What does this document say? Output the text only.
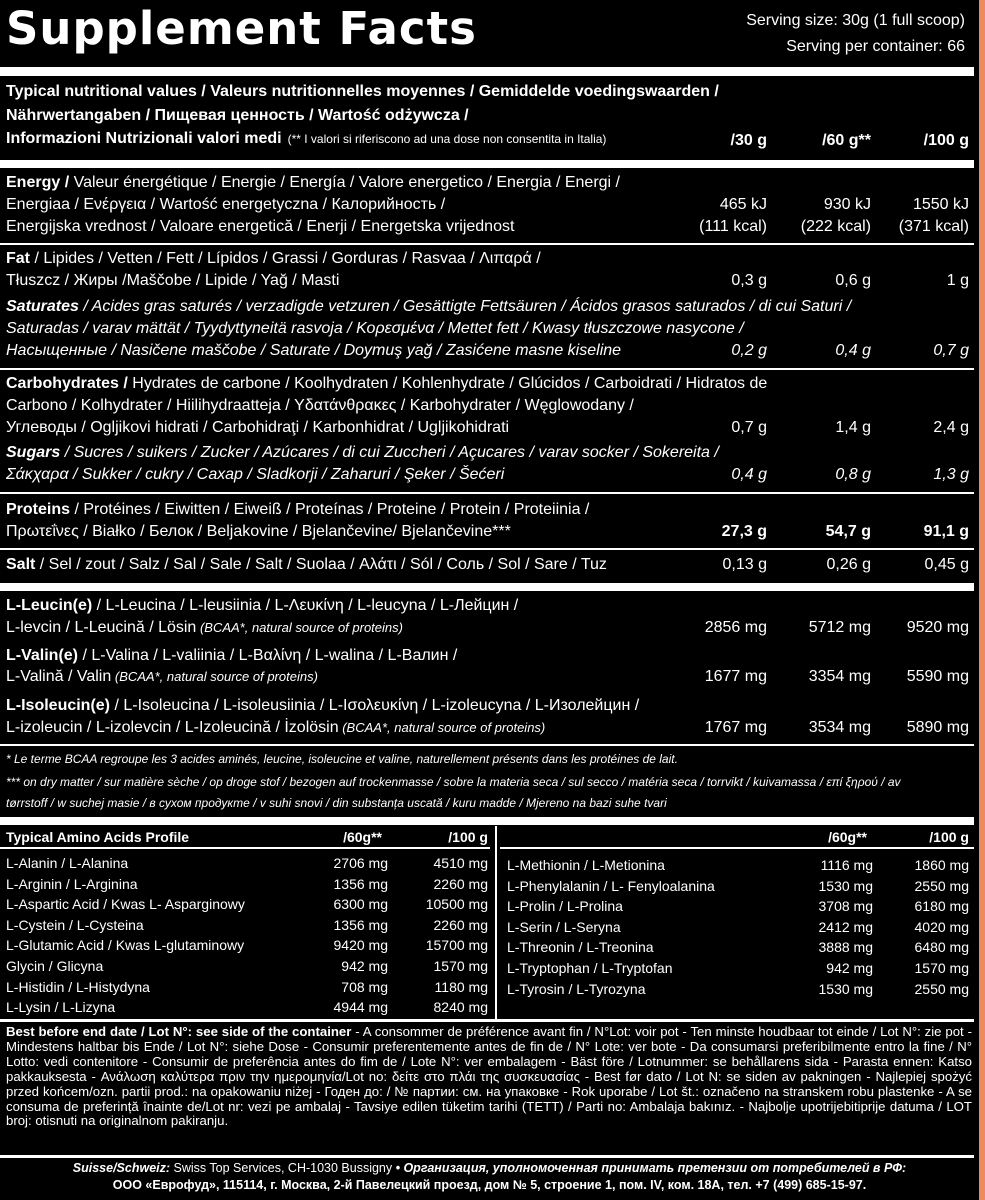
Supplement Facts	Serving size: 30g (1 full scoop)
Serving per container: 66
Typical nutritional values / Valeurs nutritionnelles moyennes / Gemiddelde voedingswaarden /
Nährwertangaben / Пищевая ценность / Wartość odżywcza /
Informazioni Nutrizionali valori medi (** I valori si riferiscono ad una dose non consentita in Italia)	/30 g	/60 g**	/100 g
Energy / Valeur énergétique / Energie / Energía / Valore energetico / Energia / Energi /
Energiaa / Ενέργεια / Wartość energetyczna / Калорийность /
Energijska vrednost / Valoare energetică / Enerji / Energetska vrijednost
465 kJ	930 kJ	1550 kJ
(111 kcal) (222 kcal) (371 kcal)
Fat / Lipides / Vetten / Fett / Lípidos / Grassi / Gorduras / Rasvaa / Λιπαρά /
Tłuszcz / Жиры /Maščobe / Lipide / Yağ / Masti	0,3 g	0,6 g	1 g
Saturates / Acides gras saturés / verzadigde vetzuren / Gesättigte Fettsäuren / Ácidos grasos saturados / di cui Saturi /
Saturadas / varav mättät / Tyydyttyneitä rasvoja / Κορεσμένα / Mettet fett / Kwasy tłuszczowe nasycone /
Насыщенные / Nasičene maščobe / Saturate / Doymuş yağ / Zasićene masne kiseline	0,2 g	0,4 g	0,7 g
Carbohydrates / Hydrates de carbone / Koolhydraten / Kohlenhydrate / Glúcidos / Carboidrati / Hidratos de
Carbono / Kolhydrater / Hiilihydraatteja / Υδατάνθρακες / Karbohydrater / Węglowodany /
Углеводы / Ogljikovi hidrati / Carbohidraţi / Karbonhidrat / Ugljikohidrati	0,7 g	1,4 g	2,4 g
Sugars / Sucres / suikers / Zucker / Azúcares / di cui Zuccheri / Açucares / varav socker / Sokereita /
Σάκχαρα / Sukker / cukry / Сахар / Sladkorji / Zaharuri / Şeker / Šećeri	0,4 g	0,8 g	1,3 g
Proteins / Protéines / Eiwitten / Eiweiß / Proteínas / Proteine / Protein / Proteiinia /
Πρωτεΐνες / Białko / Белок / Beljakovine / Bjelančevine/ Bjelančevine***	27,3 g	54,7 g	91,1 g
Salt / Sel / zout / Salz / Sal / Sale / Salt / Suolaa / Αλάτι / Sól / Соль / Sol / Sare / Tuz	0,13 g	0,26 g	0,45 g
L-Leucin(e) / L-Leucina / L-leusiinia / L-Λευκίνη / L-leucyna / L-Лейцин /
L-levcin / L-Leucină / Lösin (BCAA*, natural source of proteins)	2856 mg	5712 mg 9520 mg
L-Valin(e) / L-Valina / L-valiinia / L-Βαλίνη / L-walina / L-Валин /
L-Valină / Valin (BCAA*, natural source of proteins)	1677 mg	3354 mg 5590 mg
L-Isoleucin(e) / L-Isoleucina / L-isoleusiinia / L-Ισολευκίνη / L-izoleucyna / L-Изолейцин /
L-izoleucin / L-izolevcin / L-Izoleucină / İzolösin (BCAA*, natural source of proteins)	1767 mg	3534 mg 5890 mg
* Le terme BCAA regroupe les 3 acides aminés, leucine, isoleucine et valine, naturellement présents dans les protéines de lait.
*** on dry matter / sur matière sèche / op droge stof / bezogen auf trockenmasse / sobre la materia seca / sul secco / matéria seca / torrvikt / kuivamassa / επί ξηρού / av
tørrstoff / w suchej masie / в сухом продукте / v suhi snovi / din substanța uscată / kuru madde / Mjereno na bazi suhe tvari
Typical Amino Acids Profile	/60g**	/100 g	/60g**	/100 g
L-Alanin / L-Alanina	2706 mg	4510 mg
L-Arginin / L-Arginina	1356 mg	2260 mg
L-Aspartic Acid / Kwas L- Asparginowy	6300 mg	10500 mg
L-Cystein / L-Cysteina	1356 mg	2260 mg
L-Glutamic Acid / Kwas L-glutaminowy	9420 mg	15700 mg
Glycin / Glicyna	942 mg	1570 mg
L-Histidin / L-Histydyna	708 mg	1180 mg
L-Lysin / L-Lizyna	4944 mg	8240 mg
L-Methionin / L-Metionina	1116 mg	1860 mg
L-Phenylalanin / L- Fenyloalanina	1530 mg	2550 mg
L-Prolin / L-Prolina	3708 mg	6180 mg
L-Serin / L-Seryna	2412 mg	4020 mg
L-Threonin / L-Treonina	3888 mg	6480 mg
L-Tryptophan / L-Tryptofan	942 mg	1570 mg
L-Tyrosin / L-Tyrozyna	1530 mg	2550 mg
Best before end date / Lot N°: see side of the container - A consommer de préférence avant fin / N°Lot: voir pot - Ten minste houdbaar tot einde / Lot N°: zie pot - Mindestens haltbar bis Ende / Lot N°: siehe Dose - Consumir preferentemente antes de fin de / N° Lote: ver bote - Da consumarsi preferibilmente entro la fine / N° Lotto: vedi contenitore - Consumir de preferência antes do fim de / Lote N°: ver embalagem - Bäst före / Lotnummer: se behållarens sida - Parasta ennen: Katso pakkauksesta - Ανάλωση καλύτερα πριν την ημερομηνία/Lot no: δείτε στο πλάι της συσκευασίας - Best før dato / Lot N: se siden av pakningen - Najlepiej spożyć przed końcem/ozn. partii prod.: na opakowaniu niżej - Годен до: / № партии: см. на упаковке - Rok uporabe / Lot št.: označeno na stranskem robu plastenke - A se consuma de preferință înainte de/Lot nr: vezi pe ambalaj - Tavsiye edilen tüketim tarihi (TETT) / Parti no: Ambalaja bakınız. - Najbolje upotrijebitiprije datuma / LOT broj: otisnuti na originalnom pakiranju.
Suisse/Schweiz: Swiss Top Services, CH-1030 Bussigny • Организация, уполномоченная принимать претензии от потребителей в РФ:
ООО «Еврофуд», 115114, г. Москва, 2-й Павелецкий проезд, дом № 5, строение 1, пом. IV, ком. 18А, тел. +7 (499) 685-15-97.
